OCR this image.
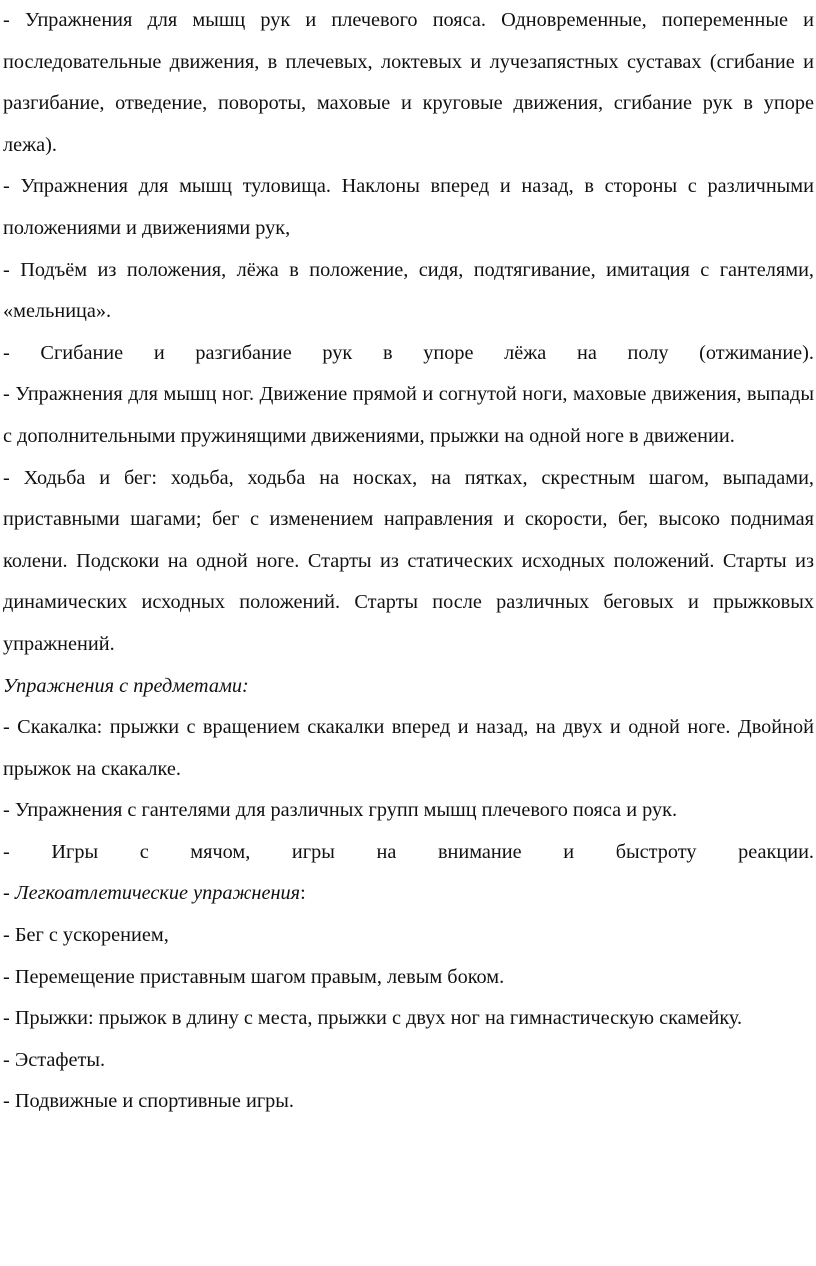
- Упражнения для мышц рук и плечевого пояса. Одновременные, попеременные и последовательные движения, в плечевых, локтевых и лучезапястных суставах (сгибание и разгибание, отведение, повороты, маховые и круговые движения, сгибание рук в упоре лежа).

- Упражнения для мышц туловища. Наклоны вперед и назад, в стороны с различными положениями и движениями рук,

- Подъём из положения, лёжа в положение, сидя, подтягивание, имитация с гантелями, «мельница».

- Сгибание и разгибание рук в упоре лёжа на полу (отжимание).

- Упражнения для мышц ног. Движение прямой и согнутой ноги, маховые движения, выпады с дополнительными пружинящими движениями, прыжки на одной ноге в движении.

- Ходьба и бег: ходьба, ходьба на носках, на пятках, скрестным шагом, выпадами, приставными шагами; бег с изменением направления и скорости, бег, высоко поднимая колени. Подскоки на одной ноге. Старты из статических исходных положений. Старты из динамических исходных положений. Старты после различных беговых и прыжковых упражнений.

Упражнения с предметами:

- Скакалка: прыжки с вращением скакалки вперед и назад, на двух и одной ноге. Двойной прыжок на скакалке.

- Упражнения с гантелями для различных групп мышц плечевого пояса и рук.

- Игры с мячом, игры на внимание и быстроту реакции.

- Легкоатлетические упражнения:

- Бег с ускорением,

- Перемещение приставным шагом правым, левым боком.

- Прыжки: прыжок в длину с места, прыжки с двух ног на гимнастическую скамейку.

- Эстафеты.

- Подвижные и спортивные игры.
